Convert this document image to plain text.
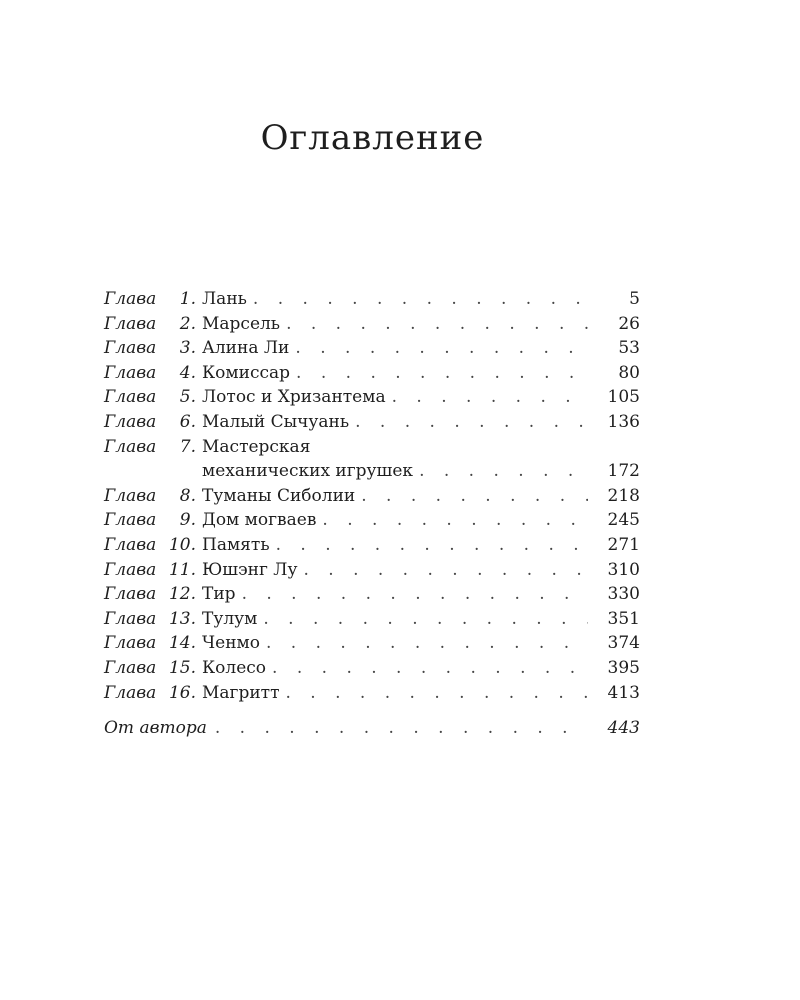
Оглавление
Глава	1. Лань . . .	5
Глава	2. Марсель . . .	26
Глава	3. Алина Ли . . .	53
Глава	4. Комиссар . . .	80
Глава	5. Лотос и Хризантема . . .	105
Глава	6. Малый Сычуань . . .	136
Глава	7. Мастерская
механических игрушек . . .	172
Глава	8. Туманы Сиболии . . .	218
Глава	9. Дом могваев . . .	245
Глава 10. Память . . .	271
Глава 11. Юшэнг Лу . . .	310
Глава 12. Тир . . .	330
Глава 13. Тулум . . .	351
Глава 14. Ченмо . . .	374
Глава 15. Колесо . . .	395
Глава 16. Магритт . . .	413
От автора . . .	443
